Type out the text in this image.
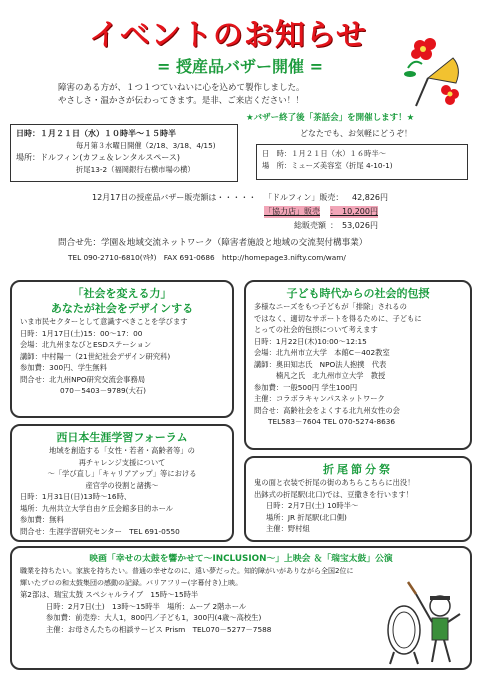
イベントのお知らせ
= 授産品バザー開催 =
障害のある方が、１つ１つていねいに心を込めて製作しました。
やさしさ・温かさが伝わってきます。是非、ご来店ください！！
日時：１月２１日（水）１０時半～１５時半
毎月第３水曜日開催（2/18、3/18、4/15)
場所：ドルフィン(カフェ＆レンタルスペース)
折尾13-2（福岡銀行右横市場の横）
★バザー終了後「茶話会」を開催します！★
どなたでも、お気軽にどうぞ！
日　時：１月２１日（水）１６時半～
場　所：ミューズ美容室（折尾 4-10-1)
12月17日の授産品バザー販売額は・・・・・ 「ドルフィン」販売： 42,826円
「協力店」販売 ：　10,200円
総販売額 ：　53,026円
問合せ先：学園＆地域交流ネットワーク（障害者施設と地域の交流契付構事業）
TEL 090-2710-6810(ﾏｷﾀ)　FAX 691-0686　http://homepage3.nifty.com/wam/
「社会を変える力」
あなたが社会をデザインする
いま市民セクターとして意識すべきことを学びます
日時：1月17日(土)15：00～17：00
会場：北九州まなびとESDステーション
講師：中村陽一（21世紀社会デザイン研究科)
参加費：300円、学生無料
問合せ：北九州NPO研究交流会事務局
070－5403－9789(大石)
子ども時代からの社会的包摂
多様なニーズをもつ子どもが「排除」されるの
ではなく、適切なサポートを得るために、子どもに
とっての社会的包摂について考えます
日時：1月22日(木)10:00～12:15
会場：北九州市立大学　本館C－402教室
講師：奥田知志氏　NPO法人抱撲　代表
　　　楠凡之氏　北九州市立大学　教授
参加費：一般500円 学生100円
主催：コラボラキャンパスネットワーク
問合せ：高齢社会をよくする北九州女性の会
TEL583－7604 TEL 070-5274-8636
西日本生涯学習フォーラム
地域を創造する「女性・若者・高齢者等」の
再チャレンジ支援について
～「学び直し」「キャリアアップ」等における
産官学の役割と諸携～
日時：1月31日(日)13時～16時、
場所：九州共立大学自由ケ丘会館多目的ホール
参加費：無料
問合せ：生涯学習研究センター　TEL 691-0550
折尾節分祭
鬼の面と衣装で折尾の街のあちらこちらに出没！
出鉢式の折尾駅(北口)では、豆撒きを行います！
日時：2月7日(土) 10時半～
場所：JR 折尾駅(北口側)
主催：野村組
映画「幸せの太鼓を響かせて～INCLUSION～」上映会 ＆「瑞宝太鼓」公演
職業を持ちたい。家族を持ちたい。普通の幸せなのに、遠い夢だった。知的障がいがありながら全国2位に
輝いたプロの和太鼓集団の感動の記録。バリアフリー(字幕付き)上映。
第2部は、瑞宝太鼓 スペシャルライブ　15時～15時半
日時：2月7日(土)　13時～15時半　場所：ムーブ 2階ホール
参加費：前売券：大人1，800円／子ども1，300円(4歳～高校生)
主催：お母さんたちの相談サービス Prism　TEL070－5277－7588
